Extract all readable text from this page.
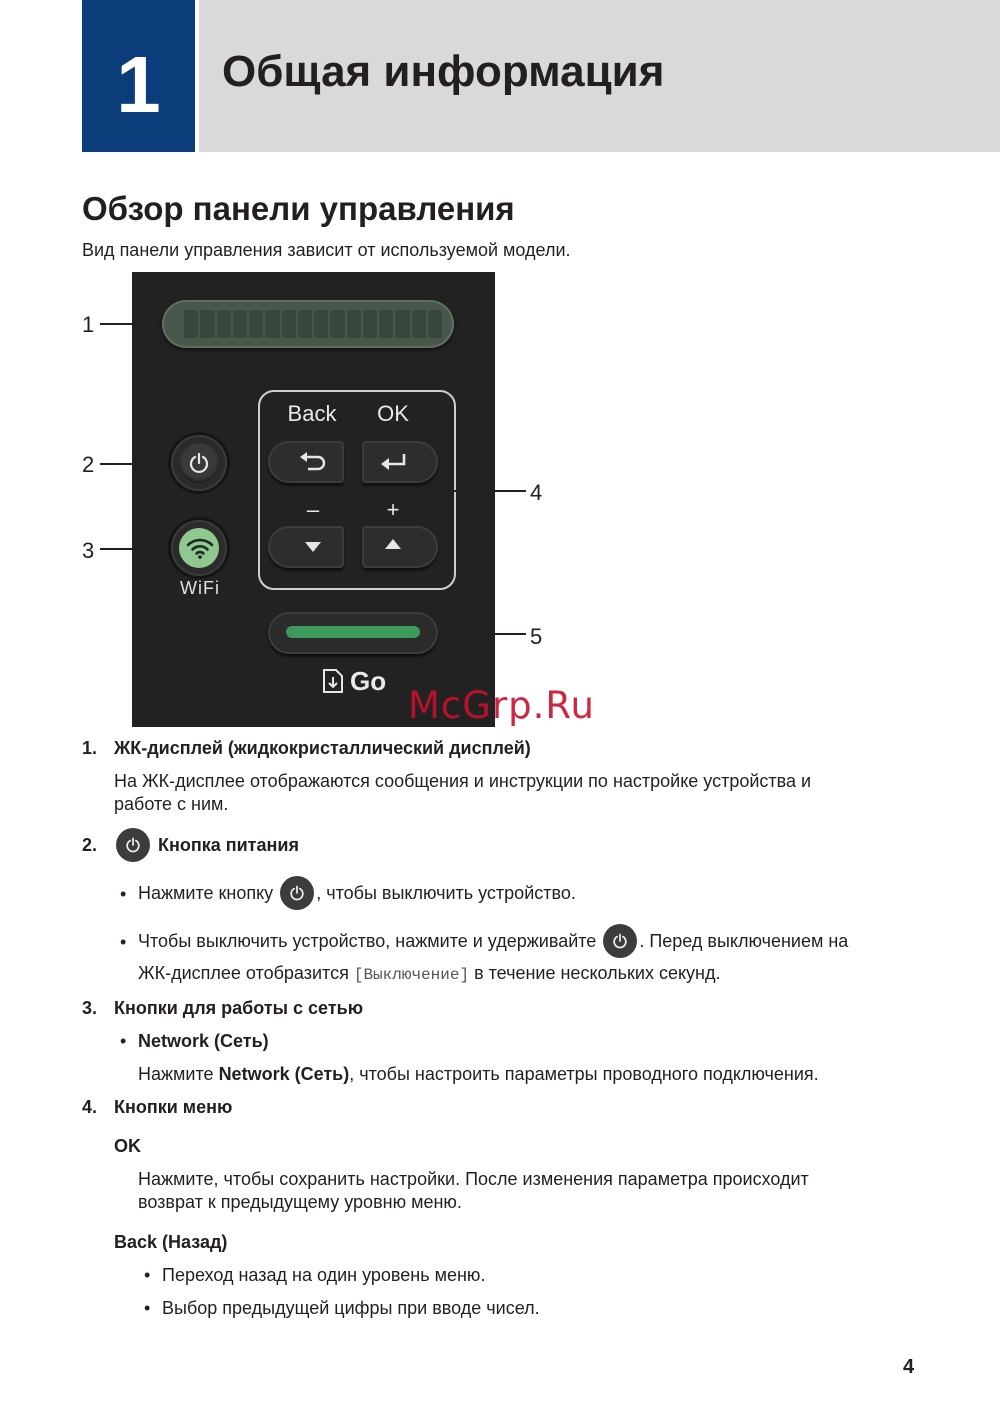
1	Общая информация
Обзор панели управления
Вид панели управления зависит от используемой модели.
WiFi
Back	OK
–	+
Go
1
2
3
4
5
McGrp.Ru
1. ЖК-дисплей (жидкокристаллический дисплей)
На ЖК-дисплее отображаются сообщения и инструкции по настройке устройства и
работе с ним.
2.	Кнопка питания
• Нажмите кнопку
, чтобы выключить устройство.
• Чтобы выключить устройство, нажмите и удерживайте
. Перед выключением на
ЖК-дисплее отобразится [Выключение] в течение нескольких секунд.
3. Кнопки для работы с сетью
• Network (Сеть)
Нажмите Network (Сеть), чтобы настроить параметры проводного подключения.
4. Кнопки меню
OK
Нажмите, чтобы сохранить настройки. После изменения параметра происходит
возврат к предыдущему уровню меню.
Back (Назад)
• Переход назад на один уровень меню.
• Выбор предыдущей цифры при вводе чисел.
4
